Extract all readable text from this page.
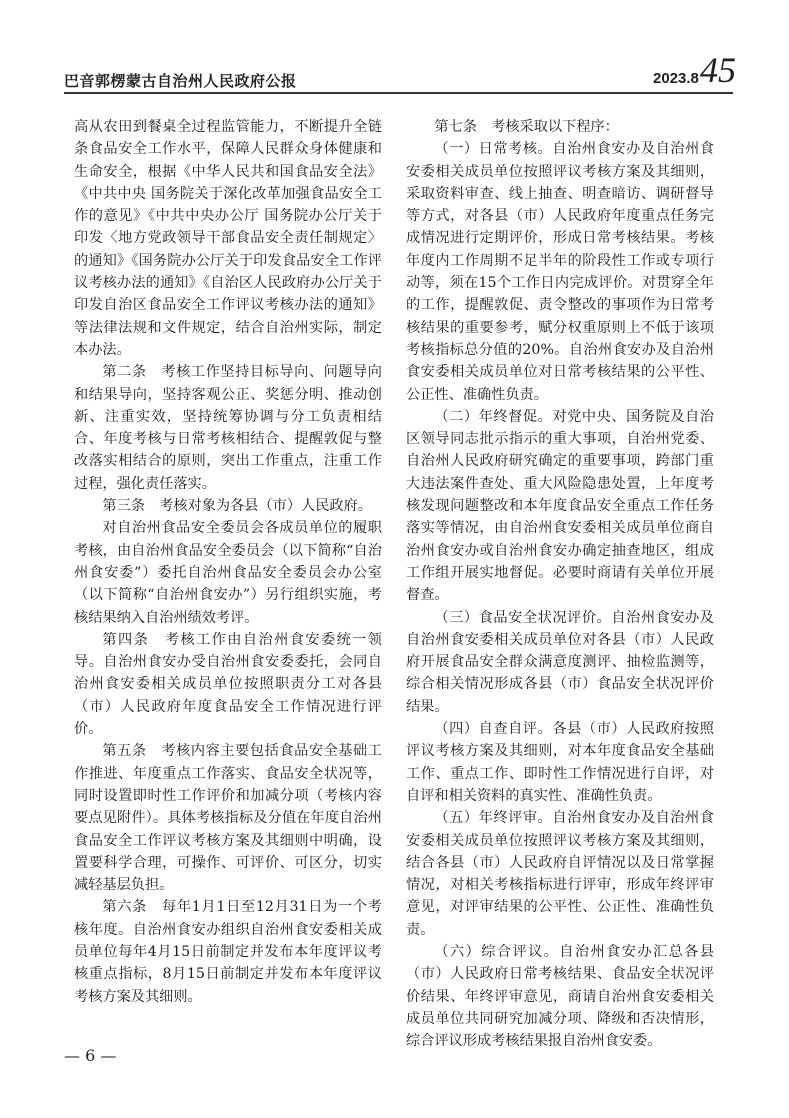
巴音郭楞蒙古自治州人民政府公报	2023.8 45

高从农田到餐桌全过程监管能力，不断提升全链条食品安全工作水平，保障人民群众身体健康和生命安全，根据《中华人民共和国食品安全法》《中共中央 国务院关于深化改革加强食品安全工作的意见》《中共中央办公厅 国务院办公厅关于印发〈地方党政领导干部食品安全责任制规定〉的通知》《国务院办公厅关于印发食品安全工作评议考核办法的通知》《自治区人民政府办公厅关于印发自治区食品安全工作评议考核办法的通知》等法律法规和文件规定，结合自治州实际，制定本办法。

第二条　考核工作坚持目标导向、问题导向和结果导向，坚持客观公正、奖惩分明、推动创新、注重实效，坚持统筹协调与分工负责相结合、年度考核与日常考核相结合、提醒敦促与整改落实相结合的原则，突出工作重点，注重工作过程，强化责任落实。

第三条　考核对象为各县（市）人民政府。

对自治州食品安全委员会各成员单位的履职考核，由自治州食品安全委员会（以下简称“自治州食安委”）委托自治州食品安全委员会办公室（以下简称“自治州食安办”）另行组织实施，考核结果纳入自治州绩效考评。

第四条　考核工作由自治州食安委统一领导。自治州食安办受自治州食安委委托，会同自治州食安委相关成员单位按照职责分工对各县（市）人民政府年度食品安全工作情况进行评价。

第五条　考核内容主要包括食品安全基础工作推进、年度重点工作落实、食品安全状况等，同时设置即时性工作评价和加减分项（考核内容要点见附件）。具体考核指标及分值在年度自治州食品安全工作评议考核方案及其细则中明确，设置要科学合理，可操作、可评价、可区分，切实减轻基层负担。

第六条　每年1月1日至12月31日为一个考核年度。自治州食安办组织自治州食安委相关成员单位每年4月15日前制定并发布本年度评议考核重点指标，8月15日前制定并发布本年度评议考核方案及其细则。

第七条　考核采取以下程序：

（一）日常考核。自治州食安办及自治州食安委相关成员单位按照评议考核方案及其细则，采取资料审查、线上抽查、明查暗访、调研督导等方式，对各县（市）人民政府年度重点任务完成情况进行定期评价，形成日常考核结果。考核年度内工作周期不足半年的阶段性工作或专项行动等，须在15个工作日内完成评价。对贯穿全年的工作，提醒敦促、责令整改的事项作为日常考核结果的重要参考，赋分权重原则上不低于该项考核指标总分值的20%。自治州食安办及自治州食安委相关成员单位对日常考核结果的公平性、公正性、准确性负责。

（二）年终督促。对党中央、国务院及自治区领导同志批示指示的重大事项，自治州党委、自治州人民政府研究确定的重要事项，跨部门重大违法案件查处、重大风险隐患处置，上年度考核发现问题整改和本年度食品安全重点工作任务落实等情况，由自治州食安委相关成员单位商自治州食安办或自治州食安办确定抽查地区，组成工作组开展实地督促。必要时商请有关单位开展督查。

（三）食品安全状况评价。自治州食安办及自治州食安委相关成员单位对各县（市）人民政府开展食品安全群众满意度测评、抽检监测等，综合相关情况形成各县（市）食品安全状况评价结果。

（四）自查自评。各县（市）人民政府按照评议考核方案及其细则，对本年度食品安全基础工作、重点工作、即时性工作情况进行自评，对自评和相关资料的真实性、准确性负责。

（五）年终评审。自治州食安办及自治州食安委相关成员单位按照评议考核方案及其细则，结合各县（市）人民政府自评情况以及日常掌握情况，对相关考核指标进行评审，形成年终评审意见，对评审结果的公平性、公正性、准确性负责。

（六）综合评议。自治州食安办汇总各县（市）人民政府日常考核结果、食品安全状况评价结果、年终评审意见，商请自治州食安委相关成员单位共同研究加减分项、降级和否决情形，综合评议形成考核结果报自治州食安委。

— 6 —
